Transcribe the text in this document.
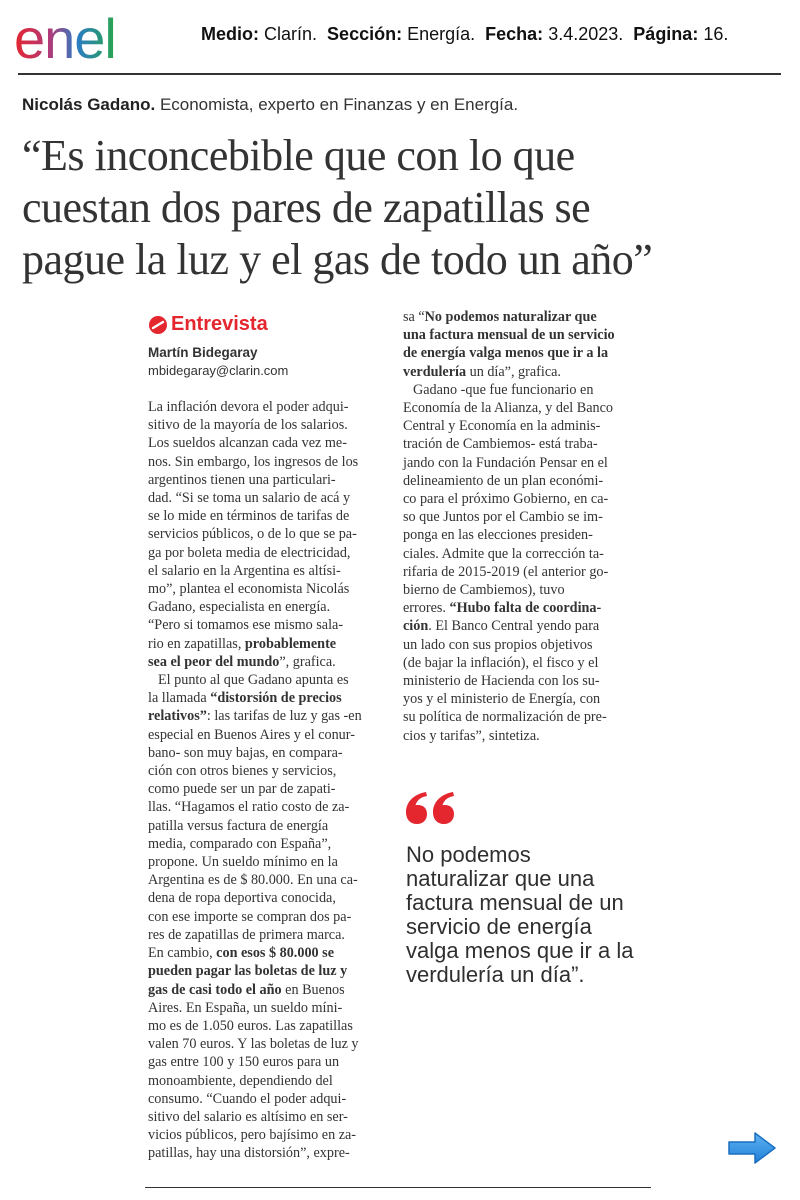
enel	Medio: Clarín. Sección: Energía. Fecha: 3.4.2023. Página: 16.
Nicolás Gadano. Economista, experto en Finanzas y en Energía.
“Es inconcebible que con lo que
cuestan dos pares de zapatillas se
pague la luz y el gas de todo un año”
Entrevista
Martín Bidegaray
mbidegaray@clarin.com

La inflación devora el poder adqui-
sitivo de la mayoría de los salarios.
Los sueldos alcanzan cada vez me-
nos. Sin embargo, los ingresos de los
argentinos tienen una particulari-
dad. “Si se toma un salario de acá y
se lo mide en términos de tarifas de
servicios públicos, o de lo que se pa-
ga por boleta media de electricidad,
el salario en la Argentina es altísi-
mo”, plantea el economista Nicolás
Gadano, especialista en energía.
“Pero si tomamos ese mismo sala-
rio en zapatillas, probablemente
sea el peor del mundo”, grafica.

El punto al que Gadano apunta es
la llamada “distorsión de precios
relativos”: las tarifas de luz y gas -en
especial en Buenos Aires y el conur-
bano- son muy bajas, en compara-
ción con otros bienes y servicios,
como puede ser un par de zapati-
llas. “Hagamos el ratio costo de za-
patilla versus factura de energía
media, comparado con España”,
propone. Un sueldo mínimo en la
Argentina es de $ 80.000. En una ca-
dena de ropa deportiva conocida,
con ese importe se compran dos pa-
res de zapatillas de primera marca.
En cambio, con esos $ 80.000 se
pueden pagar las boletas de luz y
gas de casi todo el año en Buenos
Aires. En España, un sueldo míni-
mo es de 1.050 euros. Las zapatillas
valen 70 euros. Y las boletas de luz y
gas entre 100 y 150 euros para un
monoambiente, dependiendo del
consumo. “Cuando el poder adqui-
sitivo del salario es altísimo en ser-
vicios públicos, pero bajísimo en za-
patillas, hay una distorsión”, expre-

sa “No podemos naturalizar que
una factura mensual de un servicio
de energía valga menos que ir a la
verdulería un día”, grafica.

Gadano -que fue funcionario en
Economía de la Alianza, y del Banco
Central y Economía en la adminis-
tración de Cambiemos- está traba-
jando con la Fundación Pensar en el
delineamiento de un plan económi-
co para el próximo Gobierno, en ca-
so que Juntos por el Cambio se im-
ponga en las elecciones presiden-
ciales. Admite que la corrección ta-
rifaria de 2015-2019 (el anterior go-
bierno de Cambiemos), tuvo
errores. “Hubo falta de coordina-
ción. El Banco Central yendo para
un lado con sus propios objetivos
(de bajar la inflación), el fisco y el
ministerio de Hacienda con los su-
yos y el ministerio de Energía, con
su política de normalización de pre-
cios y tarifas”, sintetiza.

No podemos
naturalizar que una
factura mensual de un
servicio de energía
valga menos que ir a la
verdulería un día”.
